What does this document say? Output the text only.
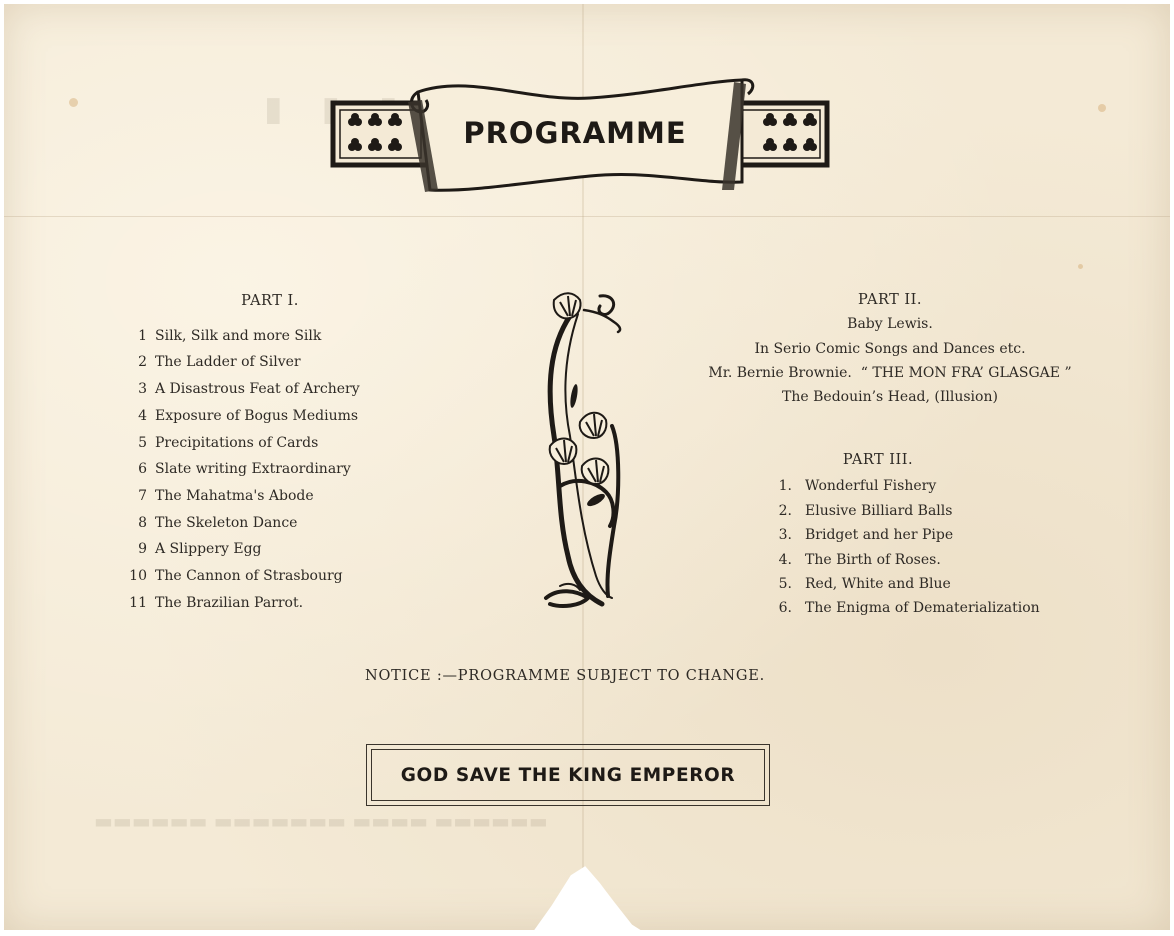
▮
▬▬▬▬▬▬ ▬▬▬▬ ▬▬▬▬▬▬▬ ▬▬▬▬▬▬
PROGRAMME
PART I.
1 Silk, Silk and more Silk
2 The Ladder of Silver
3 A Disastrous Feat of Archery
4 Exposure of Bogus Mediums
5 Precipitations of Cards
6 Slate writing Extraordinary
7 The Mahatma's Abode
8 The Skeleton Dance
9 A Slippery Egg
10 The Cannon of Strasbourg
11 The Brazilian Parrot.
PART II.
Baby Lewis.
In Serio Comic Songs and Dances etc.
Mr. Bernie Brownie.  “ THE MON FRA’ GLASGAE ”
The Bedouin’s Head, (Illusion)
PART III.
1. Wonderful Fishery
2. Elusive Billiard Balls
3. Bridget and her Pipe
4. The Birth of Roses.
5. Red, White and Blue
6. The Enigma of Dematerialization
NOTICE :—PROGRAMME SUBJECT TO CHANGE.
GOD SAVE THE KING EMPEROR
